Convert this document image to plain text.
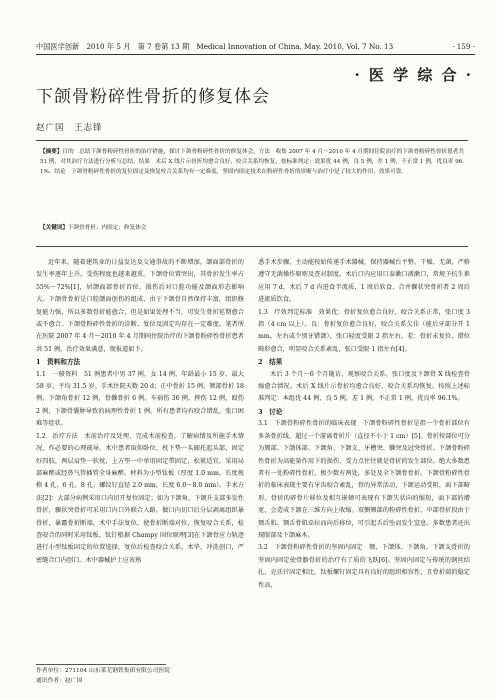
中国医学创新　2010 年 5 月　第 7 卷第 13 期　Medical Innovation of China, May. 2010, Vol. 7 No. 13	· 159 ·
· 医 学 综 合 ·
下颌骨粉碎性骨折的修复体会
赵广国　王志锋
【摘要】目的　总结下颌骨粉碎性骨折的治疗措施，探讨下颌骨粉碎性骨折的修复体会。方法　收集 2007 年 4 月～2010 年 4 月期间住院治疗的下颌骨粉碎性骨折患者共 51 例，对其治疗方法进行分析与总结。结果　术后 X 线片示骨折均愈合良好，咬合关系均恢复，按标准判定：效果优 44 例，良 5 例，差 1 例，不正常 1 例，优良率 96.1%。结论　下颌骨粉碎性骨折的复位固定及恢复咬合关系均有一定难度，坚固内固定技术在粉碎性骨折的诊断与治疗中是了较大的作用，效果可靠。
【关键词】下颌骨骨折；内固定；修复体会

近年来，随着建筑业的日益发达及交通事故的不断增加，颌面部骨折的发生率逐年上升。受伤程度也越来越重。下颌骨位置突出，其骨折发生率占 55%～72%[1]，居颌面部骨折首位，损伤后对口腔功能及颌面形态影响大。下颌骨骨折是口腔颌面创伤的组成，由于下颌骨自然保持丰富，组织修复能力强，所以多数骨折能愈合，但是如果处理不当，可发生骨折延期愈合或不愈合。下颌骨粉碎性骨折的诊断、复位及固定均存在一定难度。笔者所在医院 2007 年 4 月～2010 年 4 月期间住院治疗的下颌骨粉碎性骨折患者共 51 例，治疗效果满意，现报道如下。

1　资料和方法

1.1　一般资料　51 例患者中男 37 例，女 14 例，年龄最小 15 岁，最大 58 岁，平均 31.5 岁。手术住院天数 20 d；正中骨折 15 例，颏部骨折 18 例，下颌角骨折 12 例，骨髁骨折 6 例。车祸伤 36 例，摔伤 12 例，殴伤 2 例，下颌骨囊肿导致的病理性骨折 1 例。所有患者均有咬合错乱，张口困难等症状。

1.2　治疗方法　术前治疗及处理，完成术前检查，了解病情及所施手术情况，作必要的心理疏导。术中患者取仰卧位，枕下垫一头圈托起头部，固定好四肢，两层肩垫一软枕，上方垫一中单用固定带固定，松紧适宜。采用局部麻醉或经鼻气管插管全身麻醉。材料为小型钛板（厚度 1.0 mm，长度规格 4 孔、6 孔、8 孔，螺纹钉直径 2.0 mm，长度 6.0～8.0 mm）。手术方法[2]：大部分病例采用口内切开复位固定；如为下颌角、下颌升支部多发性骨折，骤状突骨折可采用口内口外联合入路。做口内切口后分层剥离组织暴骨折，暴露骨折断端。术中手法复位，使骨折断端对位，恢复咬合关系，检查咬合的同时采用钛板、钛钉根据 Champy 固位原理[3]在下颌骨应力轨迹进行小型钛板固定的位置选择，复位后检查咬合关系。术毕，冲洗创口，严密缝合口内创口。术中器械护士应该熟

悉手术步骤，主动能按始传递手术器械，保持器械台平整、干燥、无菌，严格遵守无菌操作原则及查对制度。术后口内应用口泰漱口液漱口，常规予抗生素应用 7 d，术后 7 d 内进食半流质，1 周后软食，合并髁状突骨折者 2 周后进流质饮食。

1.3　疗效判定标准　效果优：骨折复位愈合良好，咬合关系正常，张口度 3 指（4 cm 以上）。良：骨折复位愈合良好，咬合关系欠佳（能后牙部分开 1 mm，左右或个别牙错颌），张口轻度受限 2 指左右。差：骨折未复位，错位畸形愈合，明显咬合关系紊乱，张口受限 1 指左右[4]。

2　结果

术后 3 个月～6 个月随访，观察咬合关系、张口度及下颌骨 X 线检查骨痂愈合情况。术后 X 线片示骨折均愈合良好，咬合关系均恢复。按照上述标准判定：本组优 44 例，良 5 例，差 1 例，不正常 1 例。优良率 96.1%。

3　讨论

3.1　下颌骨粉碎性骨折的临床表现　下颌骨粉碎性骨折是指一个骨折部位有多条骨折线，超过一个游离骨折片（直径不小于 1 cm）[5]。骨折按部位可分为颏部、下颌体部、下颌角、下颌支、牙槽突、髁突及冠突骨折。下颌骨粉碎性骨折为高能量作用下的损伤，受力点往往就是骨折的发生部位。绝大多数患者有一处粉碎性骨折，极少数有两处，多处及全下颌骨骨折。下颌骨粉碎性骨折的临床表现主要有牙齿咬合紊乱，骨的异常活动、下颌运动受阻，面下部畸形。骨折的碎骨片移位及相互嵌顿可表现有下颌失状向的缩短，面下部的增宽，会造成下颌在三维方向上收缩。双侧颏部的粉碎性骨折，中部骨折段由于颏舌肌、颏舌骨肌牵拉而向后移位，可引起舌后坠而发生窒息。多数患者还出现眼部及下颌麻木。

3.2　下颌骨粉碎性骨折的坚固内固定　颏、下颌体、下颌角、下颌支骨折的坚固内固定使骨骼骨折的治疗有了质的飞跃[6]。坚固内固定与传统的钢丝结扎、克氏针固定相比，钛板螺钉固定具有良好的组织相容性，且骨折端的稳定性高，

作者单位：271104 山东莱芜钢铁集团有限公司医院
通讯作者：赵广国
